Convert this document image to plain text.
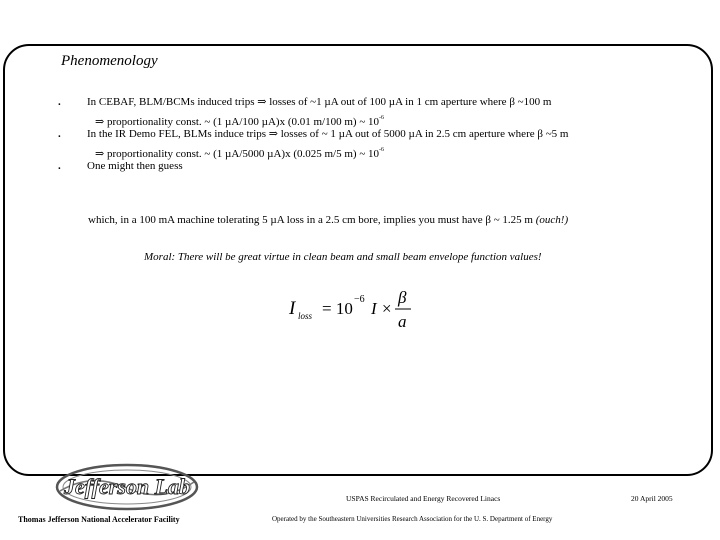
Phenomenology
. In CEBAF, BLM/BCMs induced trips ⇒ losses of ~1 µA out of 100 µA in 1 cm aperture where β ~100 m
⇒ proportionality const. ~ (1 µA/100 µA)x (0.01 m/100 m) ~ $10^{-6}$
. In the IR Demo FEL, BLMs induce trips ⇒ losses of ~ 1 µA out of 5000 µA in 2.5 cm aperture where β ~5 m
⇒ proportionality const. ~ (1 µA/5000 µA)x (0.025 m/5 m) ~ $10^{-6}$
. One might then guess
which, in a 100 mA machine tolerating 5 µA loss in a 2.5 cm bore, implies you must have β ~ 1.25 m (ouch!)
Moral: There will be great virtue in clean beam and small beam envelope function values!
I loss = 10 −6 I ×
β
a
Jefferson Lab	USPAS Recirculated and Energy Recovered Linacs	20 April 2005
Thomas Jefferson National Accelerator Facility	Operated by the Southeastern Universities Research Association for the U. S. Department of Energy
